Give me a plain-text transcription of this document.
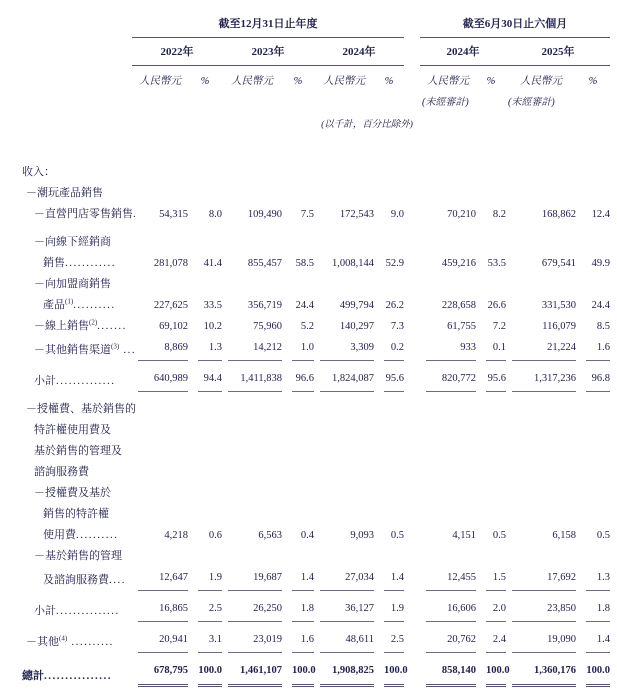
	截至12月31日止年度							截至6月30日止六個月			
	2022年		2023年		2024年			2024年		2025年	
	人民幣元	%	人民幣元	%	人民幣元	%		人民幣元	%	人民幣元	%
								(未經審計)		(未經審計)	
					(以千計，百分比除外)						

收入：											
－潮玩產品銷售											
－直營門店零售銷售.	54,315	8.0	109,490	7.5	172,543	9.0		70,210	8.2	168,862	12.4

－向線下經銷商											
銷售............	281,078	41.4	855,457	58.5	1,008,144	52.9		459,216	53.5	679,541	49.9

－向加盟商銷售											
產品$^{(1)}$..........	227,625	33.5	356,719	24.4	499,794	26.2		228,658	26.6	331,530	24.4

－線上銷售$^{(2)}$.......	69,102	10.2	75,960	5.2	140,297	7.3		61,755	7.2	116,079	8.5

－其他銷售渠道$^{(3)}$ ...	8,869	1.3	14,212	1.0	3,309	0.2		933	0.1	21,224	1.6

小計..............	640,989	94.4	1,411,838	96.6	1,824,087	95.6		820,772	95.6	1,317,236	96.8

－授權費、基於銷售的											
特許權使用費及											
基於銷售的管理及											
諮詢服務費											
－授權費及基於											
銷售的特許權											
使用費..........	4,218	0.6	6,563	0.4	9,093	0.5		4,151	0.5	6,158	0.5

－基於銷售的管理											
及諮詢服務費....	12,647	1.9	19,687	1.4	27,034	1.4		12,455	1.5	17,692	1.3

小計...............	16,865	2.5	26,250	1.8	36,127	1.9		16,606	2.0	23,850	1.8

－其他$^{(4)}$ ..........	20,941	3.1	23,019	1.6	48,611	2.5		20,762	2.4	19,090	1.4

總計................	678,795	100.0	1,461,107	100.0	1,908,825	100.0		858,140	100.0	1,360,176	100.0
